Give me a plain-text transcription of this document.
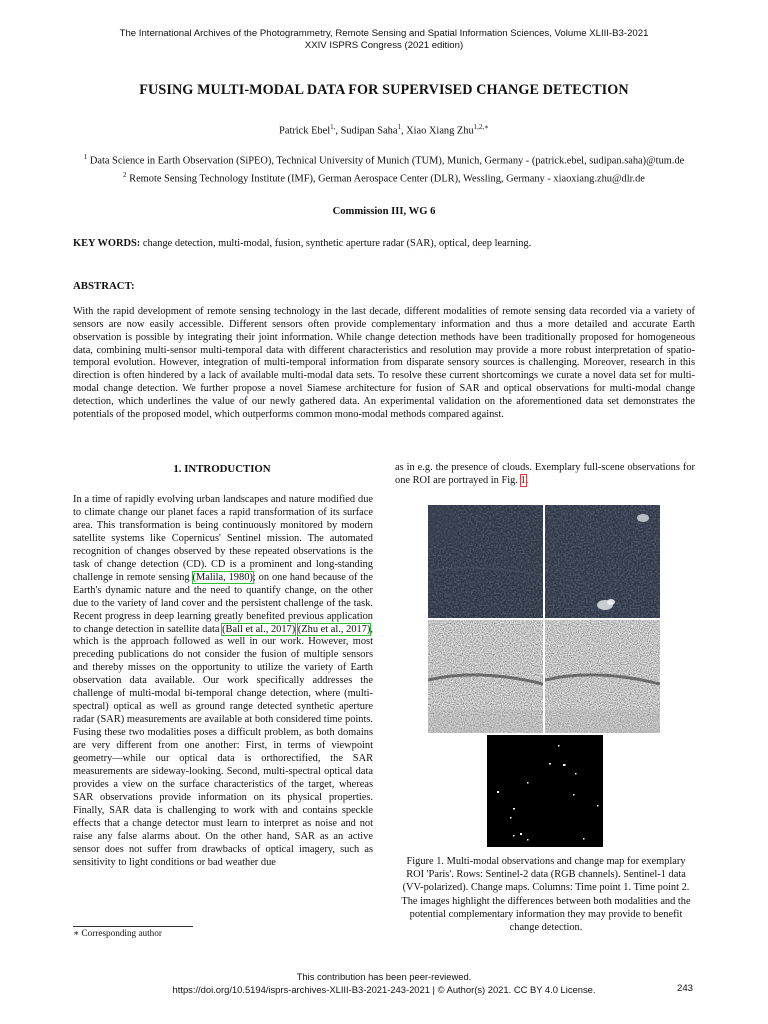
The International Archives of the Photogrammetry, Remote Sensing and Spatial Information Sciences, Volume XLIII-B3-2021
XXIV ISPRS Congress (2021 edition)
FUSING MULTI-MODAL DATA FOR SUPERVISED CHANGE DETECTION
Patrick Ebel$^{1,}$, Sudipan Saha$^1$, Xiao Xiang Zhu$^{1,2,∗}$
$^1$ Data Science in Earth Observation (SiPEO), Technical University of Munich (TUM), Munich, Germany - (patrick.ebel, sudipan.saha)@tum.de
$^2$ Remote Sensing Technology Institute (IMF), German Aerospace Center (DLR), Wessling, Germany - xiaoxiang.zhu@dlr.de
Commission III, WG 6
KEY WORDS: change detection, multi-modal, fusion, synthetic aperture radar (SAR), optical, deep learning.
ABSTRACT:
With the rapid development of remote sensing technology in the last decade, different modalities of remote sensing data recorded via a variety of sensors are now easily accessible. Different sensors often provide complementary information and thus a more detailed and accurate Earth observation is possible by integrating their joint information. While change detection methods have been traditionally proposed for homogeneous data, combining multi-sensor multi-temporal data with different characteristics and resolution may provide a more robust interpretation of spatio-temporal evolution. However, integration of multi-temporal information from disparate sensory sources is challenging. Moreover, research in this direction is often hindered by a lack of available multi-modal data sets. To resolve these current shortcomings we curate a novel data set for multi-modal change detection. We further propose a novel Siamese architecture for fusion of SAR and optical observations for multi-modal change detection, which underlines the value of our newly gathered data. An experimental validation on the aforementioned data set demonstrates the potentials of the proposed model, which outperforms common mono-modal methods compared against.
1. INTRODUCTION
In a time of rapidly evolving urban landscapes and nature modified due to climate change our planet faces a rapid transformation of its surface area. This transformation is being continuously monitored by modern satellite systems like Copernicus' Sentinel mission. The automated recognition of changes observed by these repeated observations is the task of change detection (CD). CD is a prominent and long-standing challenge in remote sensing (Malila, 1980); on one hand because of the Earth's dynamic nature and the need to quantify change, on the other due to the variety of land cover and the persistent challenge of the task. Recent progress in deep learning greatly benefited previous application to change detection in satellite data (Ball et al., 2017) (Zhu et al., 2017), which is the approach followed as well in our work. However, most preceding publications do not consider the fusion of multiple sensors and thereby misses on the opportunity to utilize the variety of Earth observation data available. Our work specifically addresses the challenge of multi-modal bi-temporal change detection, where (multi-spectral) optical as well as ground range detected synthetic aperture radar (SAR) measurements are available at both considered time points. Fusing these two modalities poses a difficult problem, as both domains are very different from one another: First, in terms of viewpoint geometry—while our optical data is orthorectified, the SAR measurements are sideway-looking. Second, multi-spectral optical data provides a view on the surface characteristics of the target, whereas SAR observations provide information on its physical properties. Finally, SAR data is challenging to work with and contains speckle effects that a change detector must learn to interpret as noise and not raise any false alarms about. On the other hand, SAR as an active sensor does not suffer from drawbacks of optical imagery, such as sensitivity to light conditions or bad weather due
as in e.g. the presence of clouds. Exemplary full-scene observations for one ROI are portrayed in Fig. 1.
Figure 1. Multi-modal observations and change map for exemplary ROI 'Paris'. Rows: Sentinel-2 data (RGB channels). Sentinel-1 data (VV-polarized). Change maps. Columns: Time point 1. Time point 2. The images highlight the differences between both modalities and the potential complementary information they may provide to benefit change detection.
∗ Corresponding author
This contribution has been peer-reviewed.
https://doi.org/10.5194/isprs-archives-XLIII-B3-2021-243-2021 | © Author(s) 2021. CC BY 4.0 License.	243
